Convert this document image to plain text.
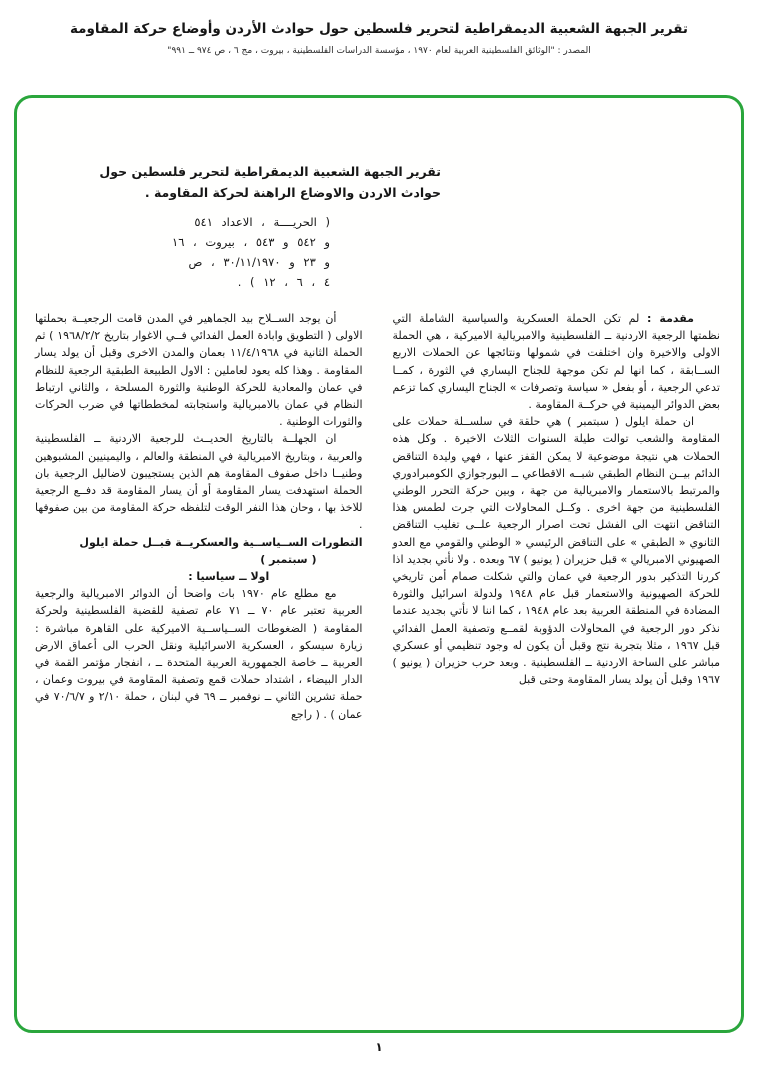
تقرير الجبهة الشعبية الديمقراطية لتحرير فلسطين حول حوادث الأردن وأوضاع حركة المقاومة
المصدر : "الوثائق الفلسطينية العربية لعام ١٩٧٠ ، مؤسسة الدراسات الفلسطينية ، بيروت ، مج ٦ ، ص ٩٧٤ ــ ٩٩١"
تقرير الجبهة الشعبية الديمقراطية لتحرير فلسطين حول
حوادث الاردن والاوضاع الراهنة لحركة المقاومة .
( الحريــــة ، الاعداد ٥٤١
و ٥٤٢ و ٥٤٣ ، بيروت ، ١٦
و ٢٣ و ٣٠/١١/١٩٧٠ ، ص
٤ ، ٦ ، ١٢ ) .

مقدمة : لم تكن الحملة العسكرية والسياسية الشاملة التي نظمتها الرجعية الاردنية ــ الفلسطينية والامبريالية الاميركية ، هي الحملة الاولى والاخيرة وان اختلفت في شمولها ونتائجها عن الحملات الاربع الســابقة ، كما انها لم تكن موجهة للجناح اليساري في الثورة ، كمــا تدعي الرجعية ، أو بفعل « سياسة وتصرفات » الجناح اليساري كما تزعم بعض الدوائر اليمينية في حركــة المقاومة .

ان حملة ايلول ( سبتمبر ) هي حلقة في سلســلة حملات على المقاومة والشعب توالت طيلة السنوات الثلاث الاخيرة . وكل هذه الحملات هي نتيجة موضوعية لا يمكن القفز عنها ، فهي وليدة التناقض الدائم بيــن النظام الطبقي شبــه الاقطاعي ــ البورجوازي الكومبرادوري والمرتبط بالاستعمار والامبريالية من جهة ، وبين حركة التحرر الوطني الفلسطينية من جهة اخرى . وكــل المحاولات التي جرت لطمس هذا التناقض انتهت الى الفشل تحت اصرار الرجعية علــى تغليب التناقض الثانوي « الطبقي » على التناقض الرئيسي « الوطني والقومي مع العدو الصهيوني الامبريالي » قبل حزيران ( يونيو ) ٦٧ وبعده . ولا نأتي بجديد اذا كررنا التذكير بدور الرجعية في عمان والتي شكلت صمام أمن تاريخي للحركة الصهيونية والاستعمار قبل عام ١٩٤٨ ولدولة اسرائيل والثورة المضادة في المنطقة العربية بعد عام ١٩٤٨ ، كما اننا لا نأتي بجديد عندما نذكر دور الرجعية في المحاولات الدؤوبة لقمــع وتصفية العمل الفدائي قبل ١٩٦٧ ، مثلا بتجربة نتج وقبل أن يكون له وجود تنظيمي أو عسكري مباشر على الساحة الاردنية ــ الفلسطينية . وبعد حرب حزيران ( يونيو ) ١٩٦٧ وقبل أن يولد يسار المقاومة وحتى قبل

أن يوجد الســلاح بيد الجماهير في المدن قامت الرجعيــة بحملتها الاولى ( التطويق وابادة العمل الفدائي فــي الاغوار بتاريخ ١٩٦٨/٢/٢ ) ثم الحملة الثانية في ١١/٤/١٩٦٨ بعمان والمدن الاخرى وقبل أن يولد يسار المقاومة . وهذا كله يعود لعاملين : الاول الطبيعة الطبقية الرجعية للنظام في عمان والمعادية للحركة الوطنية والثورة المسلحة ، والثاني ارتباط النظام في عمان بالامبريالية واستجابته لمخططاتها في ضرب الحركات والثورات الوطنية .

ان الجهلــة بالتاريخ الحديــث للرجعية الاردنية ــ الفلسطينية والعربية ، وبتاريخ الامبريالية في المنطقة والعالم ، واليمينيين المشبوهين وطنيــا داخل صفوف المقاومة هم الذين يستجيبون لاضاليل الرجعية بان الحملة استهدفت يسار المقاومة أو أن يسار المقاومة قد دفــع الرجعية للاخذ بها ، وحان هذا النفر الوقت لتلفظه حركة المقاومة من بين صفوفها .

التطورات الســياســية والعسكريــة قبــل حملة ايلول

( سبتمبر )

اولا ــ سياسيا :

مع مطلع عام ١٩٧٠ بات واضحا أن الدوائر الامبريالية والرجعية العربية تعتبر عام ٧٠ ــ ٧١ عام تصفية للقضية الفلسطينية ولحركة المقاومة ( الضغوطات الســياســية الاميركية على القاهرة مباشرة : زيارة سيسكو ، العسكرية الاسرائيلية ونقل الحرب الى أعماق الارض العربية ــ خاصة الجمهورية العربية المتحدة ــ ، انفجار مؤتمر القمة في الدار البيضاء ، اشتداد حملات قمع وتصفية المقاومة في بيروت وعمان ، حملة تشرين الثاني ــ نوفمبر ــ ٦٩ في لبنان ، حملة ٢/١٠ و ٧٠/٦/٧ في عمان ) . ( راجع

١
